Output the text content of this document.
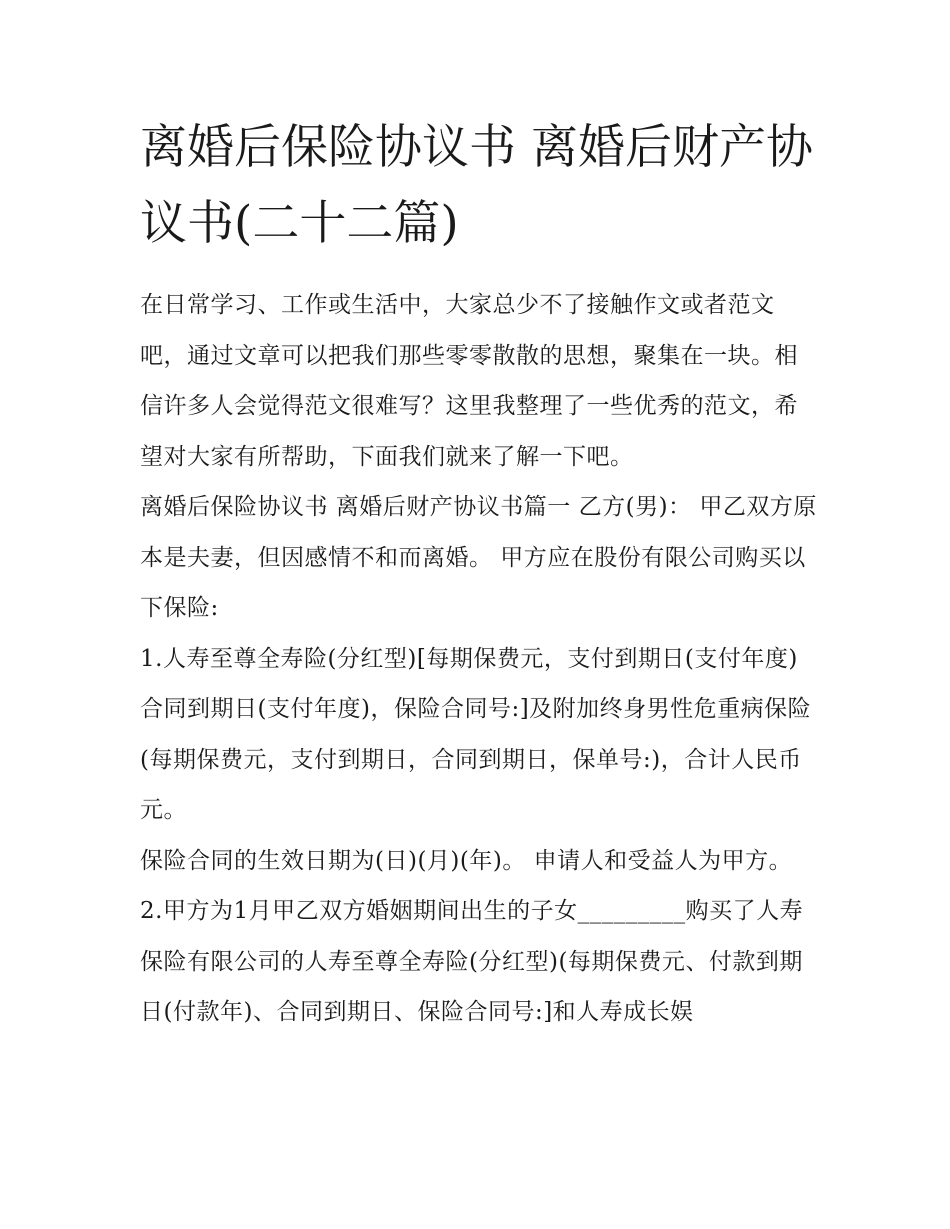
离婚后保险协议书 离婚后财产协议书(二十二篇)

在日常学习、工作或生活中，大家总少不了接触作文或者范文吧，通过文章可以把我们那些零零散散的思想，聚集在一块。相信许多人会觉得范文很难写？这里我整理了一些优秀的范文，希望对大家有所帮助，下面我们就来了解一下吧。

离婚后保险协议书 离婚后财产协议书篇一 乙方(男)： 甲乙双方原本是夫妻，但因感情不和而离婚。 甲方应在股份有限公司购买以下保险:

1.人寿至尊全寿险(分红型)[每期保费元，支付到期日(支付年度)合同到期日(支付年度)，保险合同号:]及附加终身男性危重病保险(每期保费元，支付到期日，合同到期日，保单号:)，合计人民币元。

保险合同的生效日期为(日)(月)(年)。 申请人和受益人为甲方。

2.甲方为1月甲乙双方婚姻期间出生的子女_________购买了人寿保险有限公司的人寿至尊全寿险(分红型)(每期保费元、付款到期日(付款年)、合同到期日、保险合同号:]和人寿成长娱
